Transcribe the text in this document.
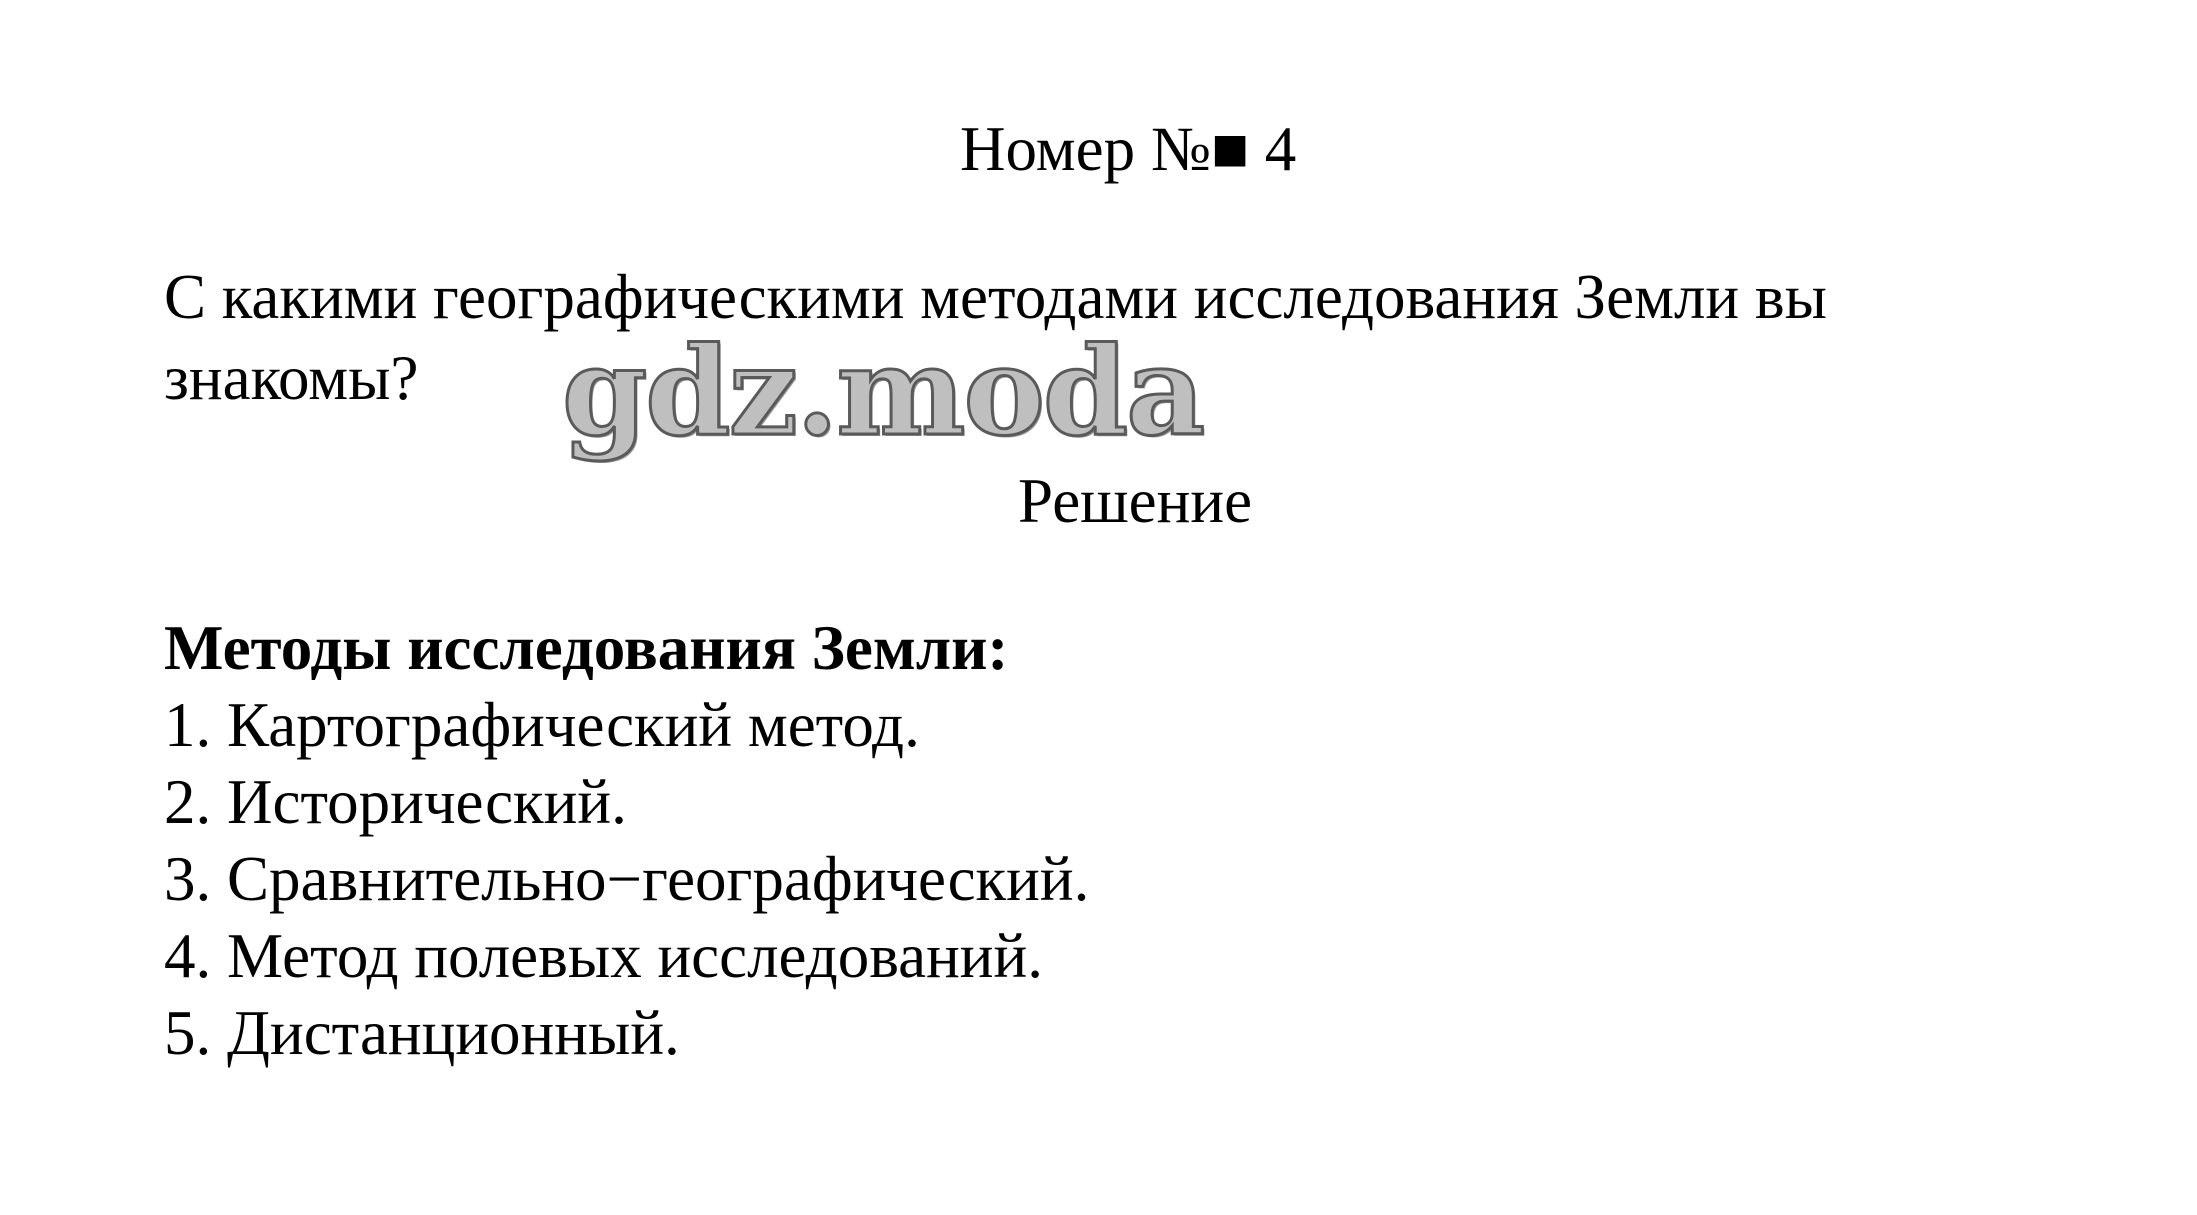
Номер №■ 4
С какими географическими методами исследования Земли вы
знакомы?	gdz.moda
Решение
Методы исследования Земли:
1. Картографический метод.
2. Исторический.
3. Сравнительно−географический.
4. Метод полевых исследований.
5. Дистанционный.
